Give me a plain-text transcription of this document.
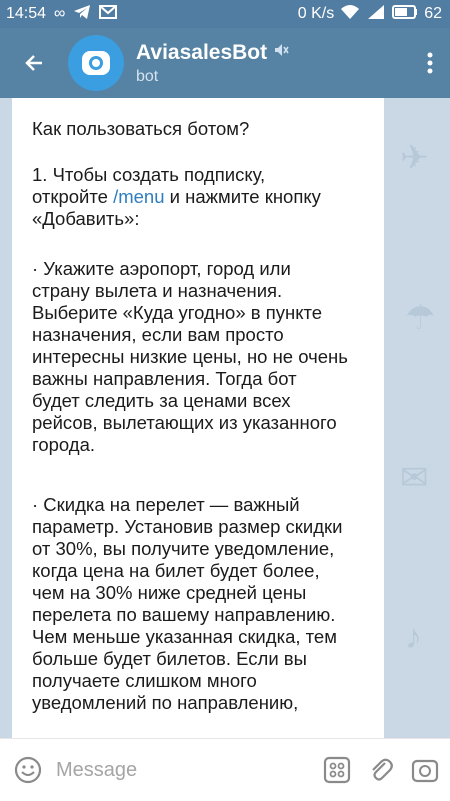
14:54 ∞	0 K/s	62
AviasalesBot
bot
✈
☂
✉
♪

Как пользоваться ботом?

1. Чтобы создать подписку,
откройте /menu и нажмите кнопку
«Добавить»:

· Укажите аэропорт, город или
страну вылета и назначения.
Выберите «Куда угодно» в пункте
назначения, если вам просто
интересны низкие цены, но не очень
важны направления. Тогда бот
будет следить за ценами всех
рейсов, вылетающих из указанного
города.

· Скидка на перелет — важный
параметр. Установив размер скидки
от 30%, вы получите уведомление,
когда цена на билет будет более,
чем на 30% ниже средней цены
перелета по вашему направлению.
Чем меньше указанная скидка, тем
больше будет билетов. Если вы
получаете слишком много
уведомлений по направлению,

Message
